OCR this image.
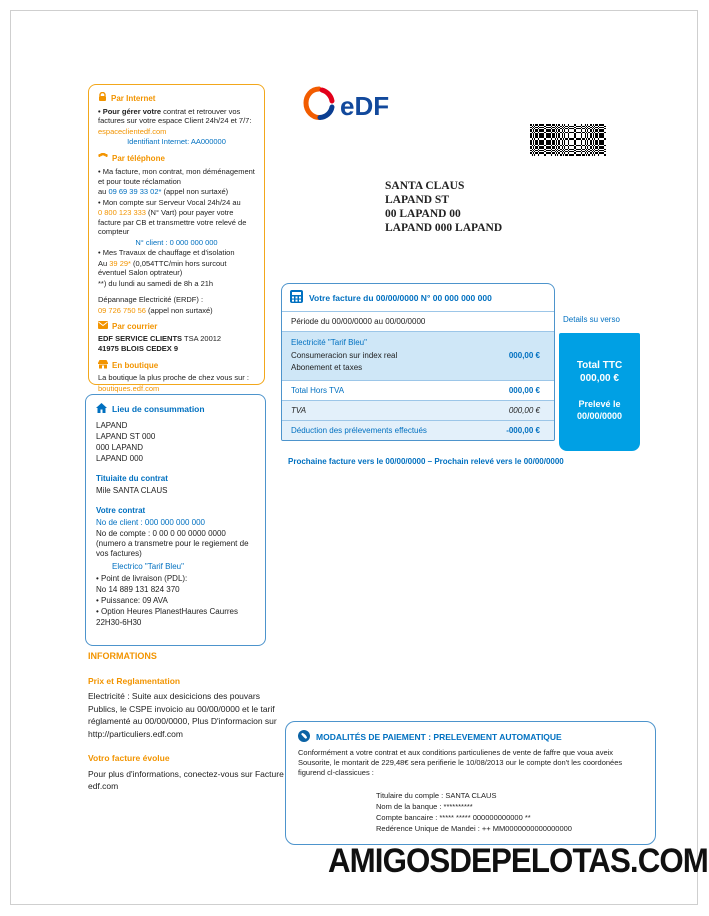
Par Internet

• Pour gérer votre contrat et retrouver vos factures sur votre espace Client 24h/24 et 7/7:

espaceclientedf.com

Identifiant Internet: AA000000

Par téléphone

• Ma facture, mon contrat, mon déménagement et pour toute réclamation

au 09 69 39 33 02* (appel non surtaxé)

• Mon compte sur Serveur Vocal 24h/24 au

0 800 123 333 (N° Vart) pour payer votre facture par CB et transmettre votre relevé de compteur

N° client : 0 000 000 000

• Mes Travaux de chauffage et d'isolation

Au 39 29* (0,054TTC/min hors surcout éventuel Salon optrateur)

**) du lundi au samedi de 8h a 21h

Dépannage Electricité (ERDF) :

09 726 750 56 (appel non surtaxé)

Par courrier

EDF SERVICE CLIENTS TSA 20012

41975 BLOIS CEDEX 9

En boutique

La boutique la plus proche de chez vous sur :

boutiques.edf.com

eDF
SANTA CLAUS
LAPAND ST
00 LAPAND 00
LAPAND 000 LAPAND
Votre facture du 00/00/0000 N° 00 000 000 000
Période du 00/00/0000 au 00/00/0000
Electricité "Tarif Bleu"
Consumeracion sur index real	000,00 €
Abonement et taxes
Total Hors TVA	000,00 €
TVA	000,00 €
Déduction des prélevements effectués	-000,00 €
Details su verso
Total TTC
000,00 €
Prelevé le
00/00/0000
Prochaine facture vers le 00/00/0000 – Prochain relevé vers le 00/00/0000
Lieu de consummation
LAPAND
LAPAND ST 000
000 LAPAND
LAPAND 000
Tituiaite du contrat
Mile SANTA CLAUS
Votre contrat
No de client : 000 000 000 000
No de compte : 0 00 0 00 0000 0000
(numero a transmetre pour le regiement de
vos factures)
Electrico "Tarif Bleu"
• Point de livraison (PDL):
No 14 889 131 824 370
• Puissance: 09 AVA
• Option Heures PlanestHaures Caurres
22H30-6H30
INFORMATIONS
Prix et Reglamentation

Electricité : Suite aux desicicions des pouvars Publics, le CSPE invoicio au 00/00/0000 et le tarif réglamenté au 00/00/0000, Plus D'informacion sur http://particuliers.edf.com

Votro facture évolue

Pour plus d'informations, conectez-vous sur Facture edf.com

MODALITÉS DE PAIEMENT : PRELEVEMENT AUTOMATIQUE

Conformément a votre contrat et aux conditions particulienes de vente de faffre que voua aveix Sousorite, le montarit de 229,48€ sera perifierie le 10/08/2013 our le compte don't les coordonées figurend cl-classicues :

Titulaire du comple : SANTA CLAUS
Nom de la banque : **********
Compte bancaire : ***** ***** 000000000000 **
Redérence Unique de Mandei : ++ MM0000000000000000
AMIGOSDEPELOTAS.COM
